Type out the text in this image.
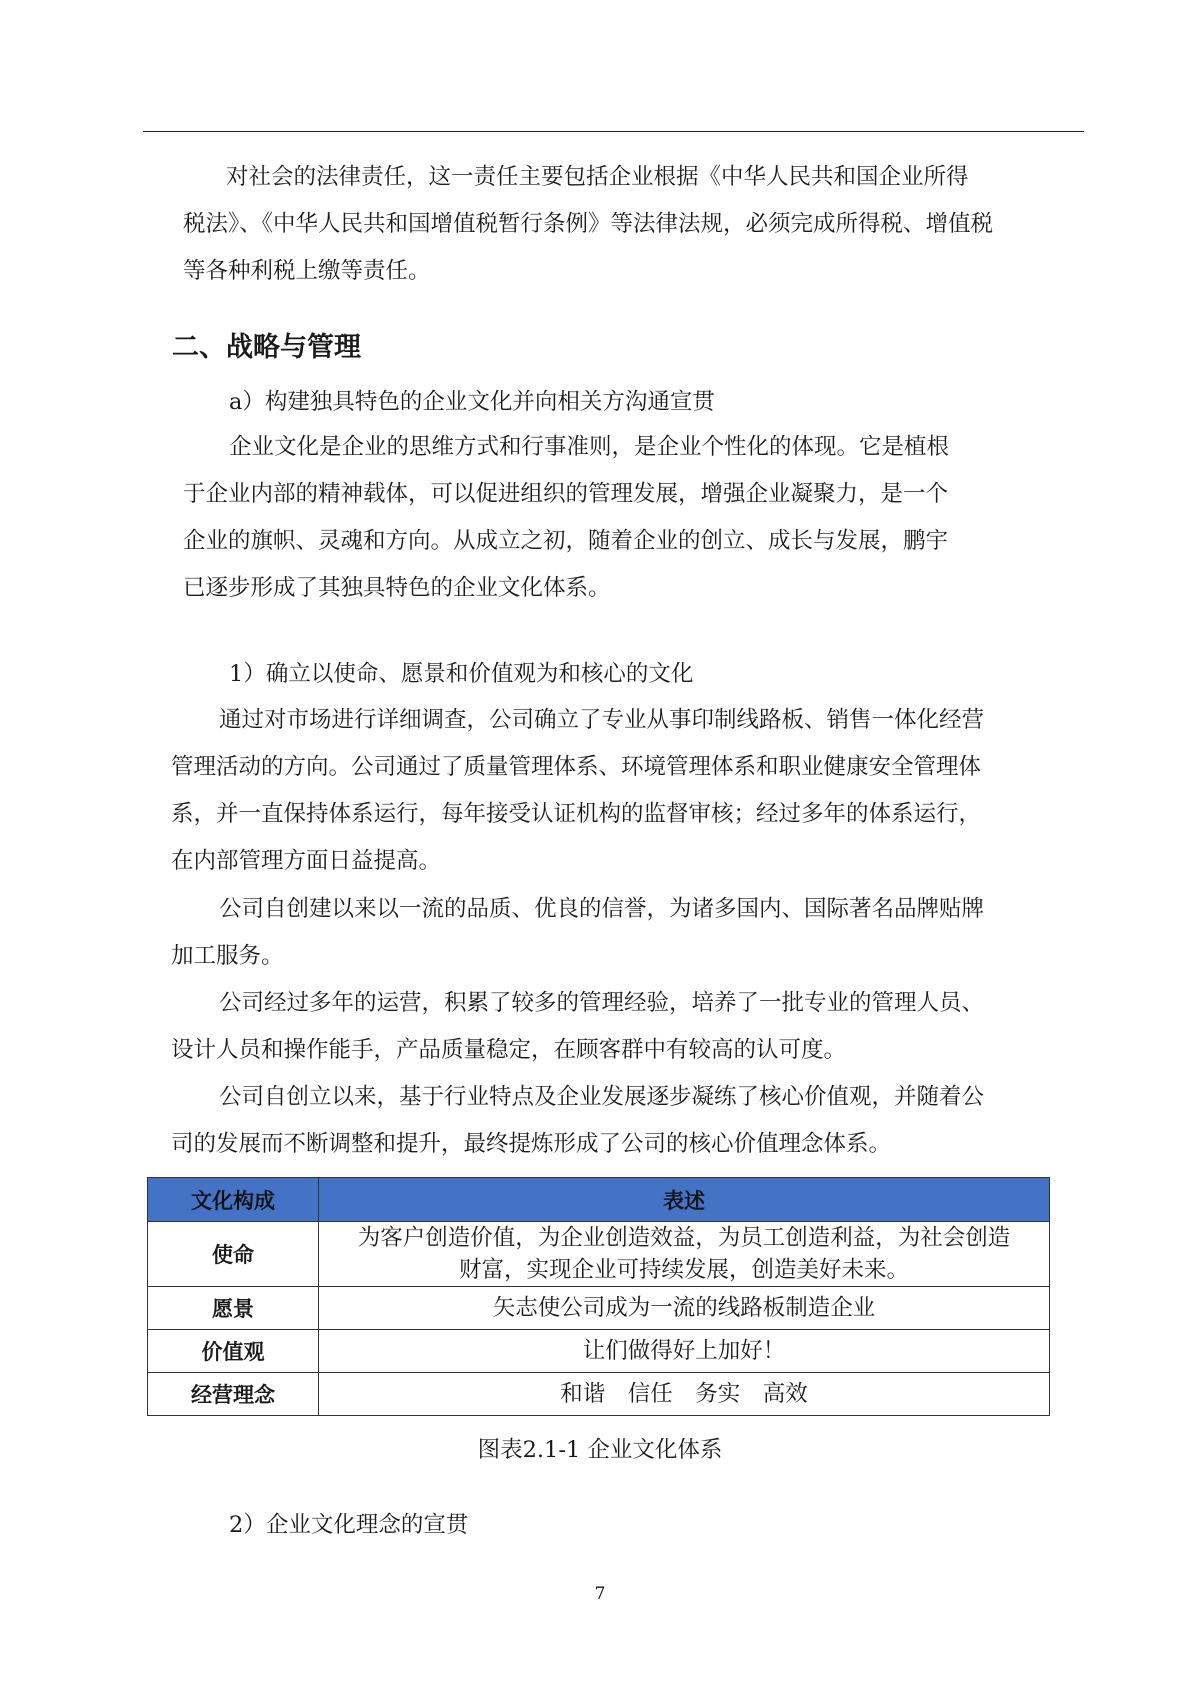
对社会的法律责任，这一责任主要包括企业根据《中华人民共和国企业所得
税法》、《中华人民共和国增值税暂行条例》等法律法规，必须完成所得税、增值税
等各种利税上缴等责任。
二、战略与管理

a）构建独具特色的企业文化并向相关方沟通宣贯

企业文化是企业的思维方式和行事准则，是企业个性化的体现。它是植根
于企业内部的精神载体，可以促进组织的管理发展，增强企业凝聚力，是一个
企业的旗帜、灵魂和方向。从成立之初，随着企业的创立、成长与发展，鹏宇
已逐步形成了其独具特色的企业文化体系。

1）确立以使命、愿景和价值观为和核心的文化

通过对市场进行详细调查，公司确立了专业从事印制线路板、销售一体化经营
管理活动的方向。公司通过了质量管理体系、环境管理体系和职业健康安全管理体
系，并一直保持体系运行，每年接受认证机构的监督审核；经过多年的体系运行，
在内部管理方面日益提高。
公司自创建以来以一流的品质、优良的信誉，为诸多国内、国际著名品牌贴牌
加工服务。
公司经过多年的运营，积累了较多的管理经验，培养了一批专业的管理人员、
设计人员和操作能手，产品质量稳定，在顾客群中有较高的认可度。
公司自创立以来，基于行业特点及企业发展逐步凝练了核心价值观，并随着公
司的发展而不断调整和提升，最终提炼形成了公司的核心价值理念体系。
文化构成	表述
使命	为客户创造价值，为企业创造效益，为员工创造利益，为社会创造
财富，实现企业可持续发展，创造美好未来。

愿景	矢志使公司成为一流的线路板制造企业
价值观	让们做得好上加好！
经营理念	和谐　信任　务实　高效

图表2.1-1 企业文化体系

2）企业文化理念的宣贯

7
